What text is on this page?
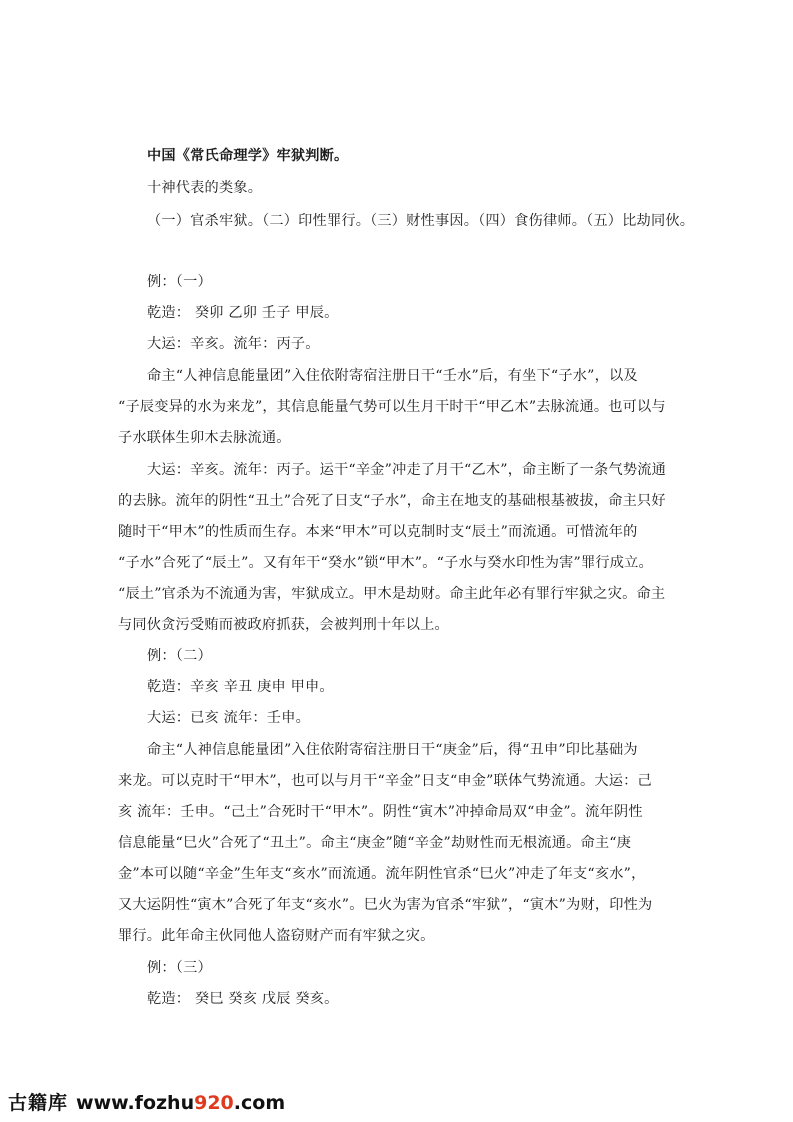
中国《常氏命理学》牢狱判断。
十神代表的类象。
（一）官杀牢狱。（二）印性罪行。（三）财性事因。（四）食伤律师。（五）比劫同伙。
例：（一）
乾造： 癸卯 乙卯 壬子 甲辰。
大运：辛亥。流年：丙子。
命主“人神信息能量团”入住依附寄宿注册日干“壬水”后，有坐下“子水”，以及
“子辰变异的水为来龙”，其信息能量气势可以生月干时干“甲乙木”去脉流通。也可以与
子水联体生卯木去脉流通。
大运：辛亥。流年：丙子。运干“辛金”冲走了月干“乙木”，命主断了一条气势流通
的去脉。流年的阴性“丑土”合死了日支“子水”，命主在地支的基础根基被拔，命主只好
随时干“甲木”的性质而生存。本来“甲木”可以克制时支“辰土”而流通。可惜流年的
“子水”合死了“辰土”。又有年干“癸水”锁“甲木”。“子水与癸水印性为害”罪行成立。
“辰土”官杀为不流通为害，牢狱成立。甲木是劫财。命主此年必有罪行牢狱之灾。命主
与同伙贪污受贿而被政府抓获，会被判刑十年以上。
例：（二）
乾造：辛亥 辛丑 庚申 甲申。
大运：已亥 流年：壬申。
命主“人神信息能量团”入住依附寄宿注册日干“庚金”后，得“丑申”印比基础为
来龙。可以克时干“甲木”，也可以与月干“辛金”日支“申金”联体气势流通。大运：己
亥 流年：壬申。“己土”合死时干“甲木”。阴性“寅木”冲掉命局双“申金”。流年阴性
信息能量“巳火”合死了“丑土”。命主“庚金”随“辛金”劫财性而无根流通。命主“庚
金”本可以随“辛金”生年支“亥水”而流通。流年阴性官杀“巳火”冲走了年支“亥水”，
又大运阴性“寅木”合死了年支“亥水”。巳火为害为官杀“牢狱”，“寅木”为财，印性为
罪行。此年命主伙同他人盗窃财产而有牢狱之灾。
例：（三）
乾造： 癸巳 癸亥 戊辰 癸亥。
古籍库 www.fozhu920.com
